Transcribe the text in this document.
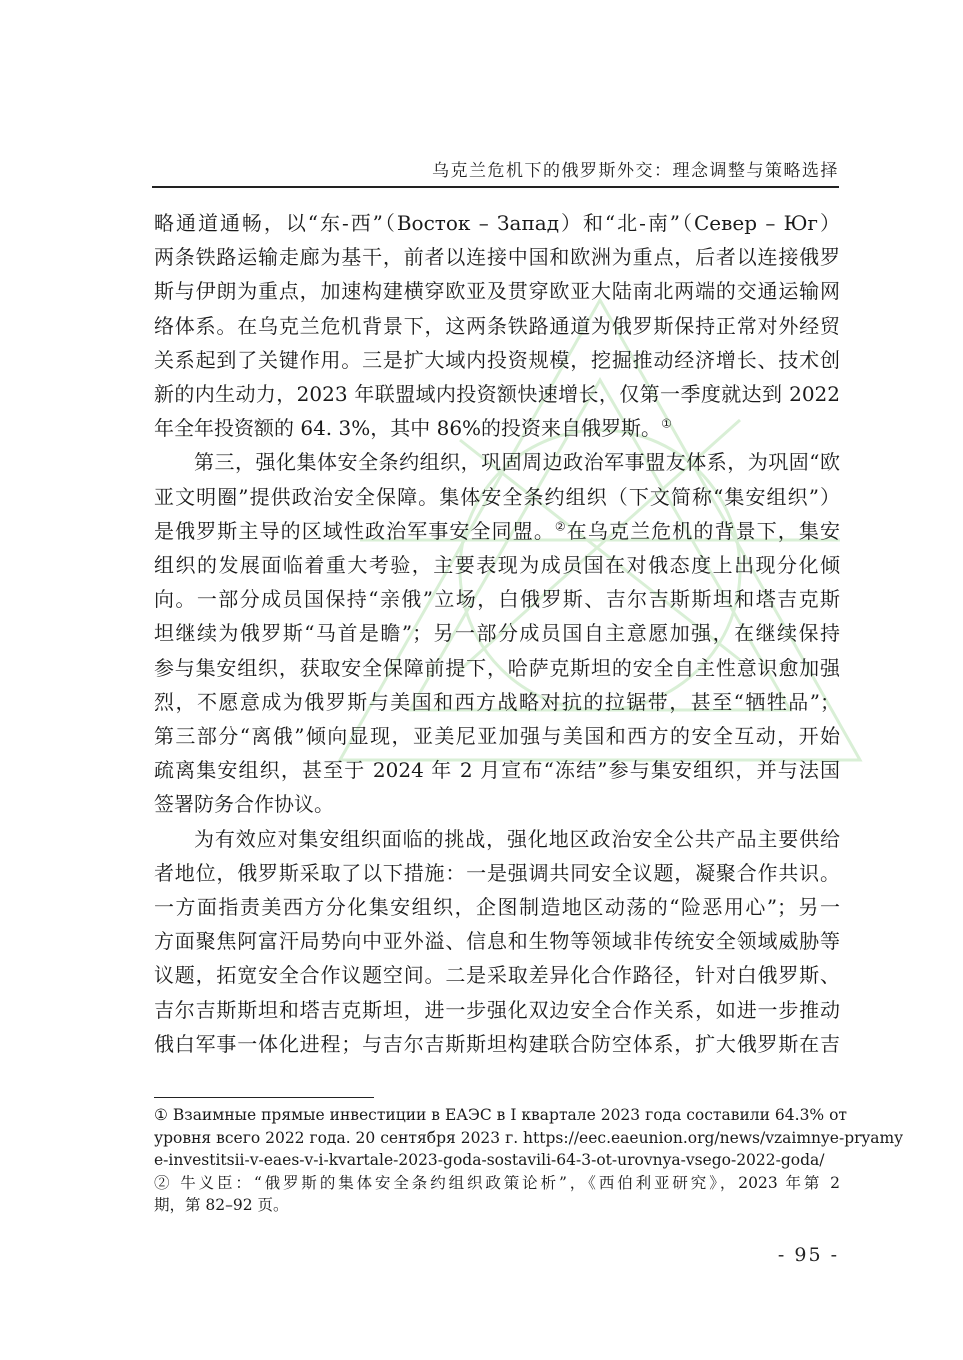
乌克兰危机下的俄罗斯外交：理念调整与策略选择

略通道通畅，以“东-西”（Восток – Запад）和“北-南”（Север – Юг）
两条铁路运输走廊为基干，前者以连接中国和欧洲为重点，后者以连接俄罗
斯与伊朗为重点，加速构建横穿欧亚及贯穿欧亚大陆南北两端的交通运输网
络体系。在乌克兰危机背景下，这两条铁路通道为俄罗斯保持正常对外经贸
关系起到了关键作用。三是扩大域内投资规模，挖掘推动经济增长、技术创
新的内生动力，2023 年联盟域内投资额快速增长，仅第一季度就达到 2022
年全年投资额的 64. 3%，其中 86%的投资来自俄罗斯。①

第三，强化集体安全条约组织，巩固周边政治军事盟友体系，为巩固“欧
亚文明圈”提供政治安全保障。集体安全条约组织（下文简称“集安组织”）
是俄罗斯主导的区域性政治军事安全同盟。②在乌克兰危机的背景下，集安
组织的发展面临着重大考验，主要表现为成员国在对俄态度上出现分化倾
向。一部分成员国保持“亲俄”立场，白俄罗斯、吉尔吉斯斯坦和塔吉克斯
坦继续为俄罗斯“马首是瞻”；另一部分成员国自主意愿加强，在继续保持
参与集安组织，获取安全保障前提下，哈萨克斯坦的安全自主性意识愈加强
烈，不愿意成为俄罗斯与美国和西方战略对抗的拉锯带，甚至“牺牲品”；
第三部分“离俄”倾向显现，亚美尼亚加强与美国和西方的安全互动，开始
疏离集安组织，甚至于 2024 年 2 月宣布“冻结”参与集安组织，并与法国
签署防务合作协议。

为有效应对集安组织面临的挑战，强化地区政治安全公共产品主要供给
者地位，俄罗斯采取了以下措施：一是强调共同安全议题，凝聚合作共识。
一方面指责美西方分化集安组织，企图制造地区动荡的“险恶用心”；另一
方面聚焦阿富汗局势向中亚外溢、信息和生物等领域非传统安全领域威胁等
议题，拓宽安全合作议题空间。二是采取差异化合作路径，针对白俄罗斯、
吉尔吉斯斯坦和塔吉克斯坦，进一步强化双边安全合作关系，如进一步推动
俄白军事一体化进程；与吉尔吉斯斯坦构建联合防空体系，扩大俄罗斯在吉

① Взаимные прямые инвестиции в ЕАЭС в I квартале 2023 года составили 64.3% от
уровня всего 2022 года. 20 сентября 2023 г. https://eec.eaeunion.org/news/vzaimnye-pryamy
e-investitsii-v-eaes-v-i-kvartale-2023-goda-sostavili-64-3-ot-urovnya-vsego-2022-goda/

② 牛义臣：“俄罗斯的集体安全条约组织政策论析”，《西伯利亚研究》，2023 年第 2
期，第 82–92 页。

- 95 -
